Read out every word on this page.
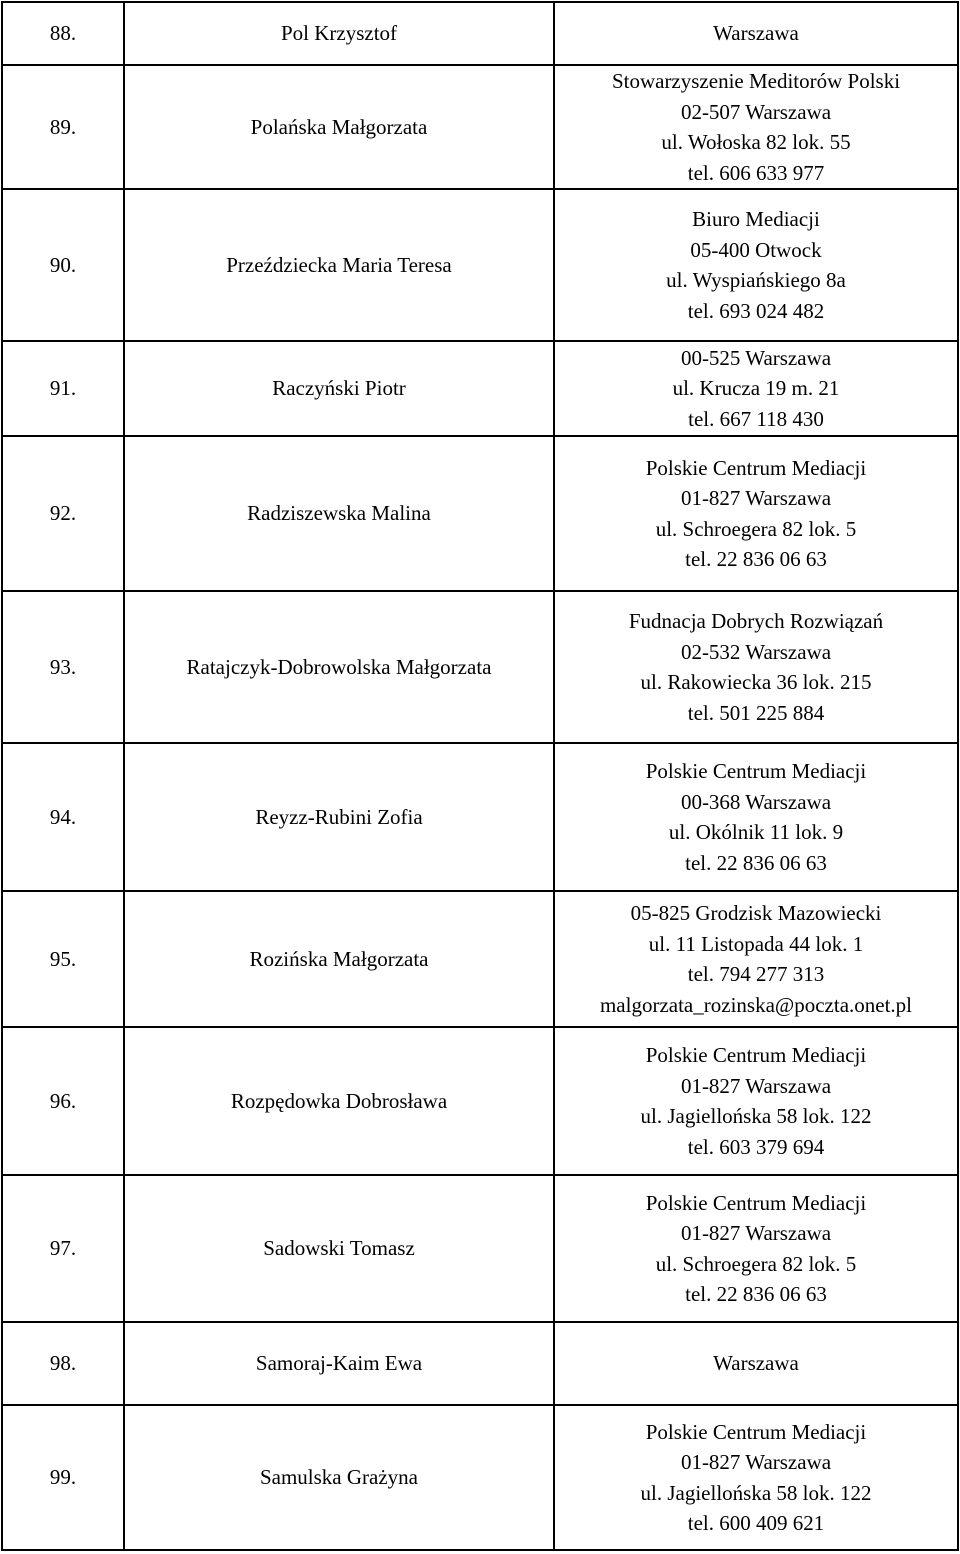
88.	Pol Krzysztof	Warszawa

89.	Polańska Małgorzata	Stowarzyszenie Meditorów Polski
02-507 Warszawa
ul. Wołoska 82 lok. 55
tel. 606 633 977

90.	Przeździecka Maria Teresa	Biuro Mediacji
05-400 Otwock
ul. Wyspiańskiego 8a
tel. 693 024 482

91.	Raczyński Piotr	00-525 Warszawa
ul. Krucza 19 m. 21
tel. 667 118 430

92.	Radziszewska Malina	Polskie Centrum Mediacji
01-827 Warszawa
ul. Schroegera 82 lok. 5
tel. 22 836 06 63

93.	Ratajczyk-Dobrowolska Małgorzata	Fudnacja Dobrych Rozwiązań
02-532 Warszawa
ul. Rakowiecka 36 lok. 215
tel. 501 225 884

94.	Reyzz-Rubini Zofia	Polskie Centrum Mediacji
00-368 Warszawa
ul. Okólnik 11 lok. 9
tel. 22 836 06 63

95.	Rozińska Małgorzata	05-825 Grodzisk Mazowiecki
ul. 11 Listopada 44 lok. 1
tel. 794 277 313
malgorzata_rozinska@poczta.onet.pl

96.	Rozpędowka Dobrosława	Polskie Centrum Mediacji
01-827 Warszawa
ul. Jagiellońska 58 lok. 122
tel. 603 379 694

97.	Sadowski Tomasz	Polskie Centrum Mediacji
01-827 Warszawa
ul. Schroegera 82 lok. 5
tel. 22 836 06 63

98.	Samoraj-Kaim Ewa	Warszawa

99.	Samulska Grażyna	Polskie Centrum Mediacji
01-827 Warszawa
ul. Jagiellońska 58 lok. 122
tel. 600 409 621
